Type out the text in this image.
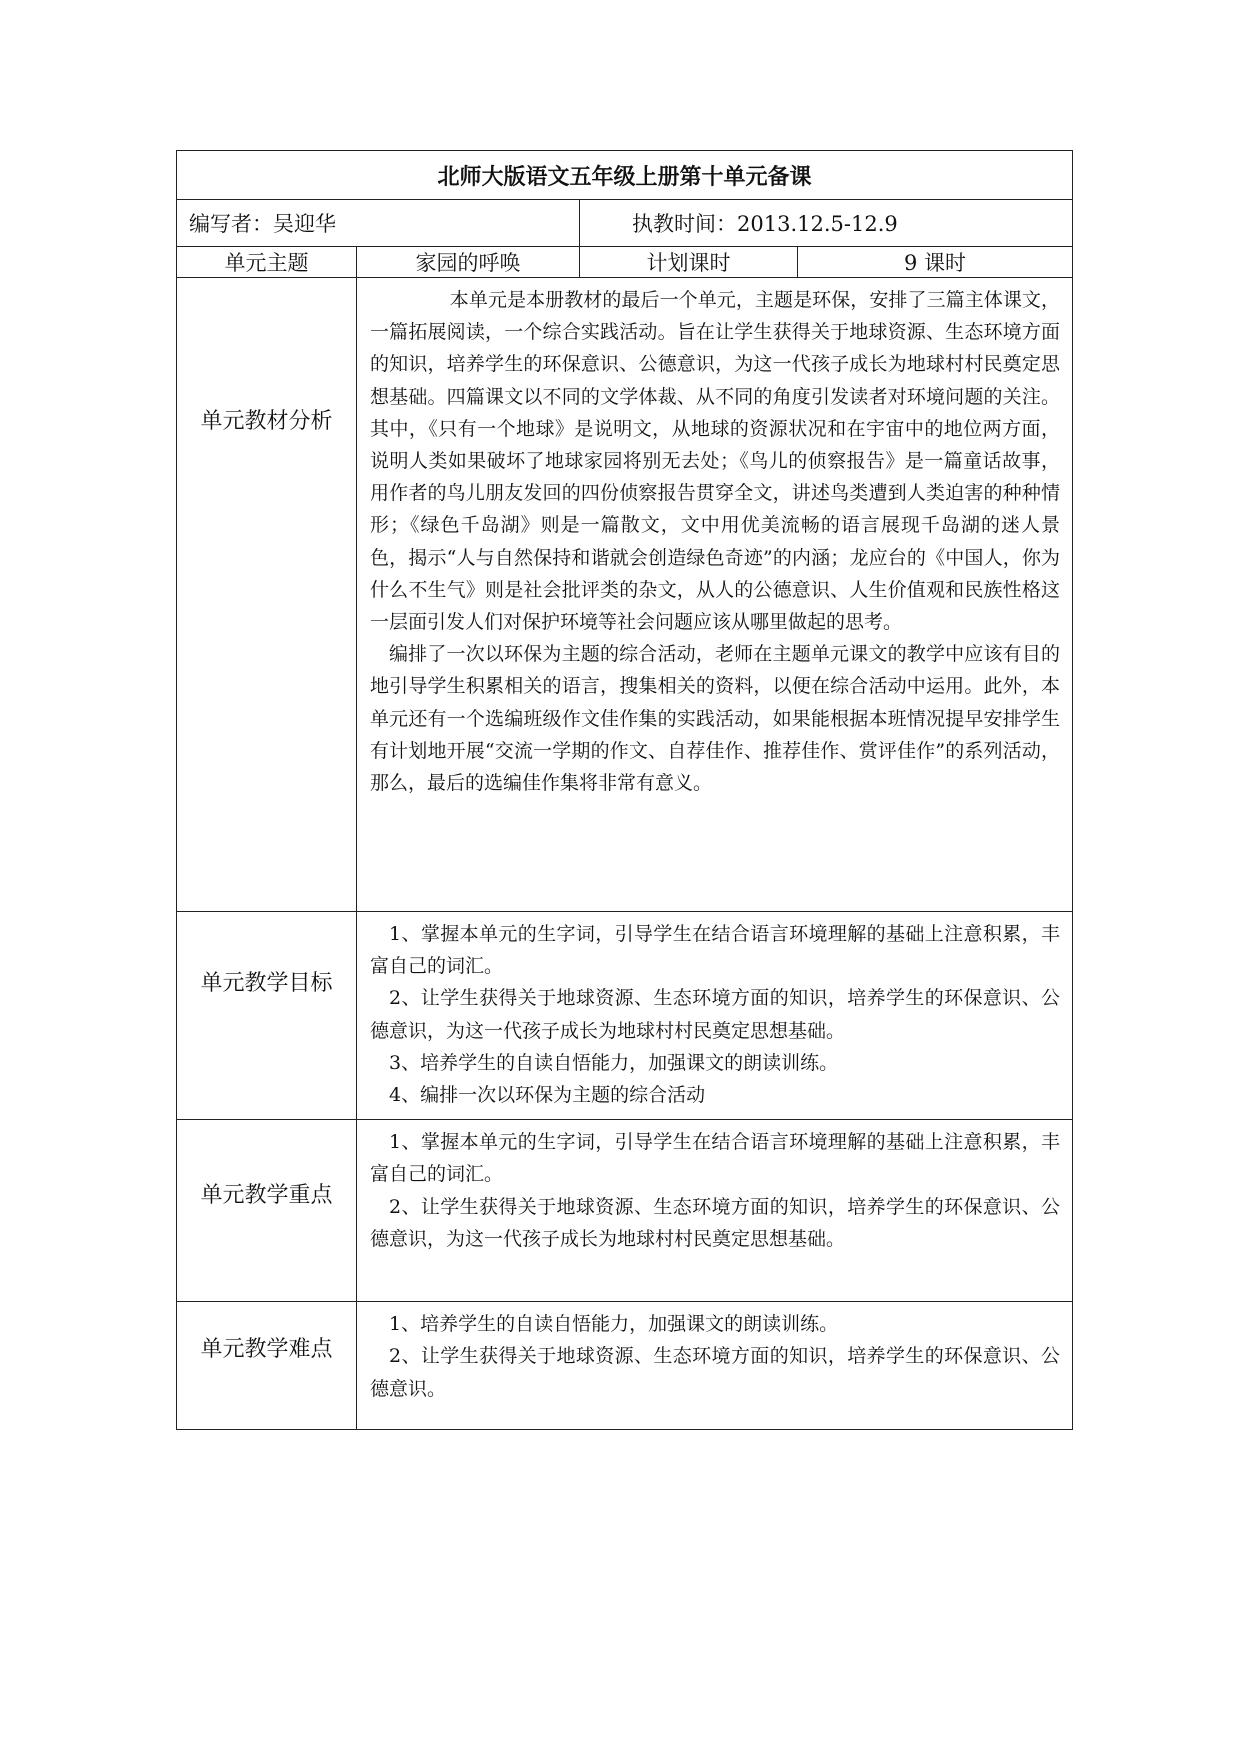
北师大版语文五年级上册第十单元备课			
编写者：吴迎华		执教时间：2013.12.5-12.9	
单元主题	家园的呼唤	计划课时	9 课时
单元教材分析	本单元是本册教材的最后一个单元，主题是环保，安排了三篇主体课文，一篇拓展阅读，一个综合实践活动。旨在让学生获得关于地球资源、生态环境方面的知识，培养学生的环保意识、公德意识，为这一代孩子成长为地球村村民奠定思想基础。四篇课文以不同的文学体裁、从不同的角度引发读者对环境问题的关注。其中，《只有一个地球》是说明文，从地球的资源状况和在宇宙中的地位两方面，说明人类如果破坏了地球家园将别无去处；《鸟儿的侦察报告》是一篇童话故事，用作者的鸟儿朋友发回的四份侦察报告贯穿全文，讲述鸟类遭到人类迫害的种种情形；《绿色千岛湖》则是一篇散文，文中用优美流畅的语言展现千岛湖的迷人景色，揭示“人与自然保持和谐就会创造绿色奇迹”的内涵；龙应台的《中国人，你为什么不生气》则是社会批评类的杂文，从人的公德意识、人生价值观和民族性格这一层面引发人们对保护环境等社会问题应该从哪里做起的思考。

编排了一次以环保为主题的综合活动，老师在主题单元课文的教学中应该有目的地引导学生积累相关的语言，搜集相关的资料，以便在综合活动中运用。此外，本单元还有一个选编班级作文佳作集的实践活动，如果能根据本班情况提早安排学生有计划地开展“交流一学期的作文、自荐佳作、推荐佳作、赏评佳作”的系列活动，那么，最后的选编佳作集将非常有意义。		

单元教学目标	1、掌握本单元的生字词，引导学生在结合语言环境理解的基础上注意积累，丰富自己的词汇。

2、让学生获得关于地球资源、生态环境方面的知识，培养学生的环保意识、公德意识，为这一代孩子成长为地球村村民奠定思想基础。

3、培养学生的自读自悟能力，加强课文的朗读训练。

4、编排一次以环保为主题的综合活动		

单元教学重点	1、掌握本单元的生字词，引导学生在结合语言环境理解的基础上注意积累，丰富自己的词汇。

2、让学生获得关于地球资源、生态环境方面的知识，培养学生的环保意识、公德意识，为这一代孩子成长为地球村村民奠定思想基础。		

单元教学难点	1、培养学生的自读自悟能力，加强课文的朗读训练。

2、让学生获得关于地球资源、生态环境方面的知识，培养学生的环保意识、公德意识。		
